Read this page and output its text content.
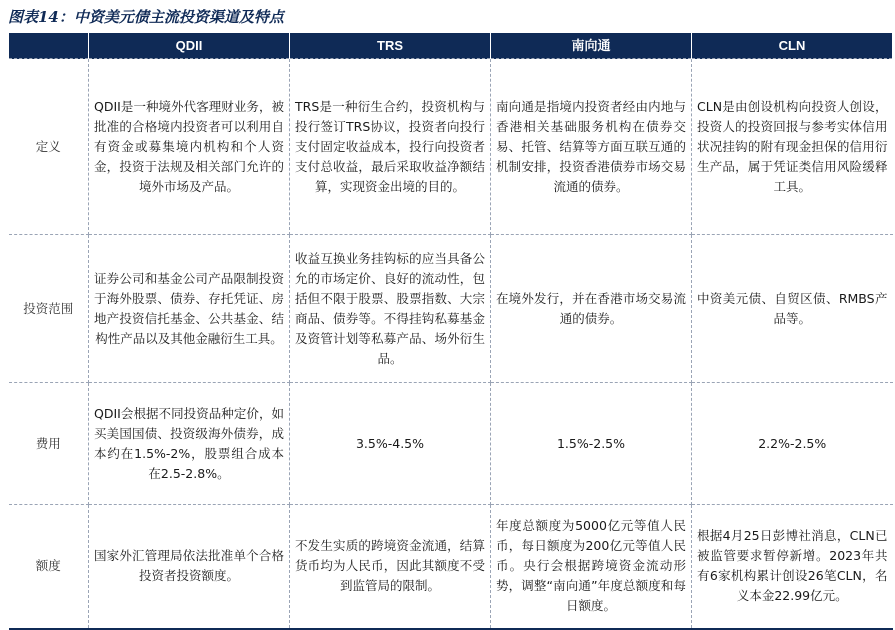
图表14：中资美元债主流投资渠道及特点
	QDII	TRS	南向通	CLN
定义	QDII是一种境外代客理财业务，被批准的合格境内投资者可以利用自有资金或募集境内机构和个人资金，投资于法规及相关部门允许的境外市场及产品。	TRS是一种衍生合约，投资机构与投行签订TRS协议，投资者向投行支付固定收益成本，投行向投资者支付总收益，最后采取收益净额结算，实现资金出境的目的。	南向通是指境内投资者经由内地与香港相关基础服务机构在债券交易、托管、结算等方面互联互通的机制安排，投资香港债券市场交易流通的债券。	CLN是由创设机构向投资人创设，投资人的投资回报与参考实体信用状况挂钩的附有现金担保的信用衍生产品，属于凭证类信用风险缓释工具。
投资范围	证券公司和基金公司产品限制投资于海外股票、债券、存托凭证、房地产投资信托基金、公共基金、结构性产品以及其他金融衍生工具。	收益互换业务挂钩标的应当具备公允的市场定价、良好的流动性，包括但不限于股票、股票指数、大宗商品、债券等。不得挂钩私募基金及资管计划等私募产品、场外衍生品。	在境外发行，并在香港市场交易流通的债券。	中资美元债、自贸区债、RMBS产品等。
费用	QDII会根据不同投资品种定价，如买美国国债、投资级海外债券，成本约在1.5%-2%，股票组合成本在2.5-2.8%。	3.5%-4.5%	1.5%-2.5%	2.2%-2.5%
额度	国家外汇管理局依法批准单个合格投资者投资额度。	不发生实质的跨境资金流通，结算货币均为人民币，因此其额度不受到监管局的限制。	年度总额度为5000亿元等值人民币，每日额度为200亿元等值人民币。央行会根据跨境资金流动形势，调整“南向通”年度总额度和每日额度。	根据4月25日彭博社消息，CLN已被监管要求暂停新增。2023年共有6家机构累计创设26笔CLN，名义本金22.99亿元。
